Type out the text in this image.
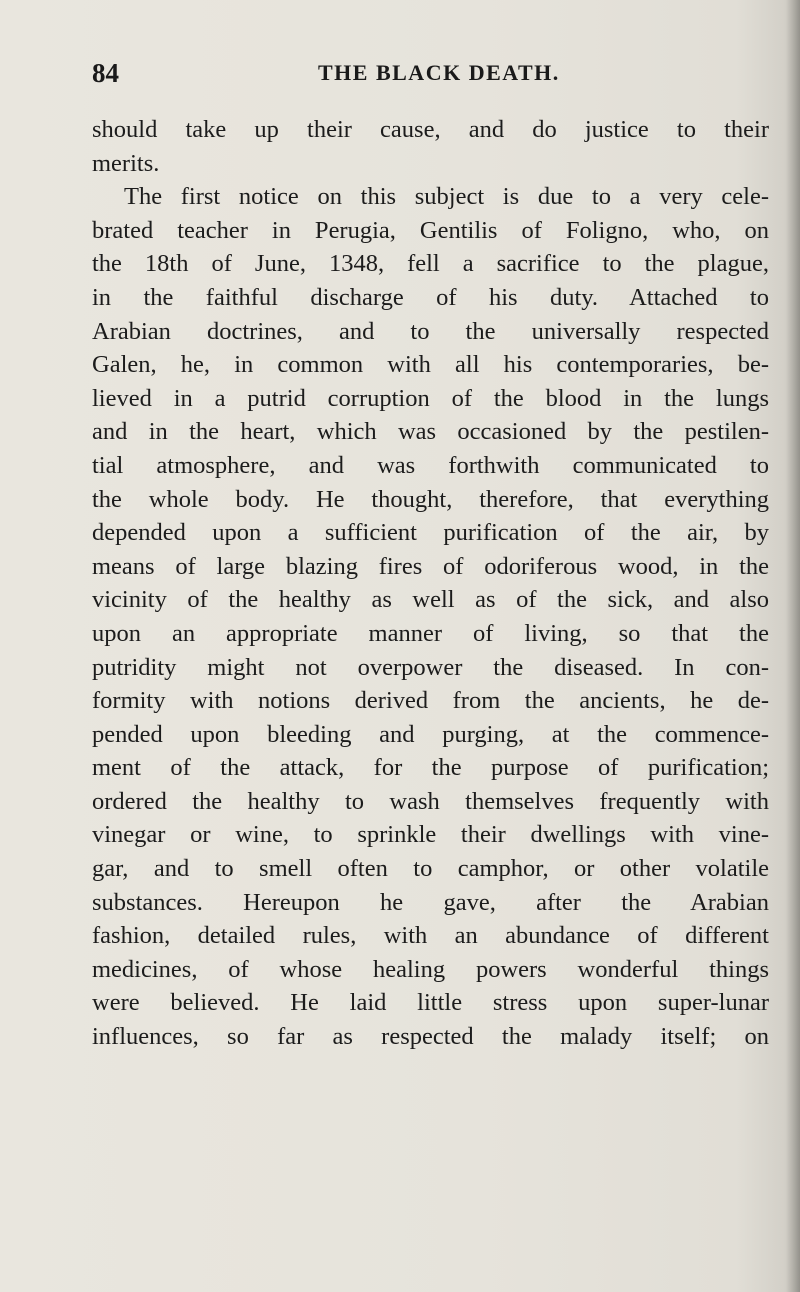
84	THE BLACK DEATH.
should take up their cause, and do justice to their
merits.
The first notice on this subject is due to a very cele-
brated teacher in Perugia, Gentilis of Foligno, who, on
the 18th of June, 1348, fell a sacrifice to the plague,
in the faithful discharge of his duty. Attached to
Arabian doctrines, and to the universally respected
Galen, he, in common with all his contemporaries, be-
lieved in a putrid corruption of the blood in the lungs
and in the heart, which was occasioned by the pestilen-
tial atmosphere, and was forthwith communicated to
the whole body. He thought, therefore, that everything
depended upon a sufficient purification of the air, by
means of large blazing fires of odoriferous wood, in the
vicinity of the healthy as well as of the sick, and also
upon an appropriate manner of living, so that the
putridity might not overpower the diseased. In con-
formity with notions derived from the ancients, he de-
pended upon bleeding and purging, at the commence-
ment of the attack, for the purpose of purification;
ordered the healthy to wash themselves frequently with
vinegar or wine, to sprinkle their dwellings with vine-
gar, and to smell often to camphor, or other volatile
substances. Hereupon he gave, after the Arabian
fashion, detailed rules, with an abundance of different
medicines, of whose healing powers wonderful things
were believed. He laid little stress upon super-lunar
influences, so far as respected the malady itself; on
